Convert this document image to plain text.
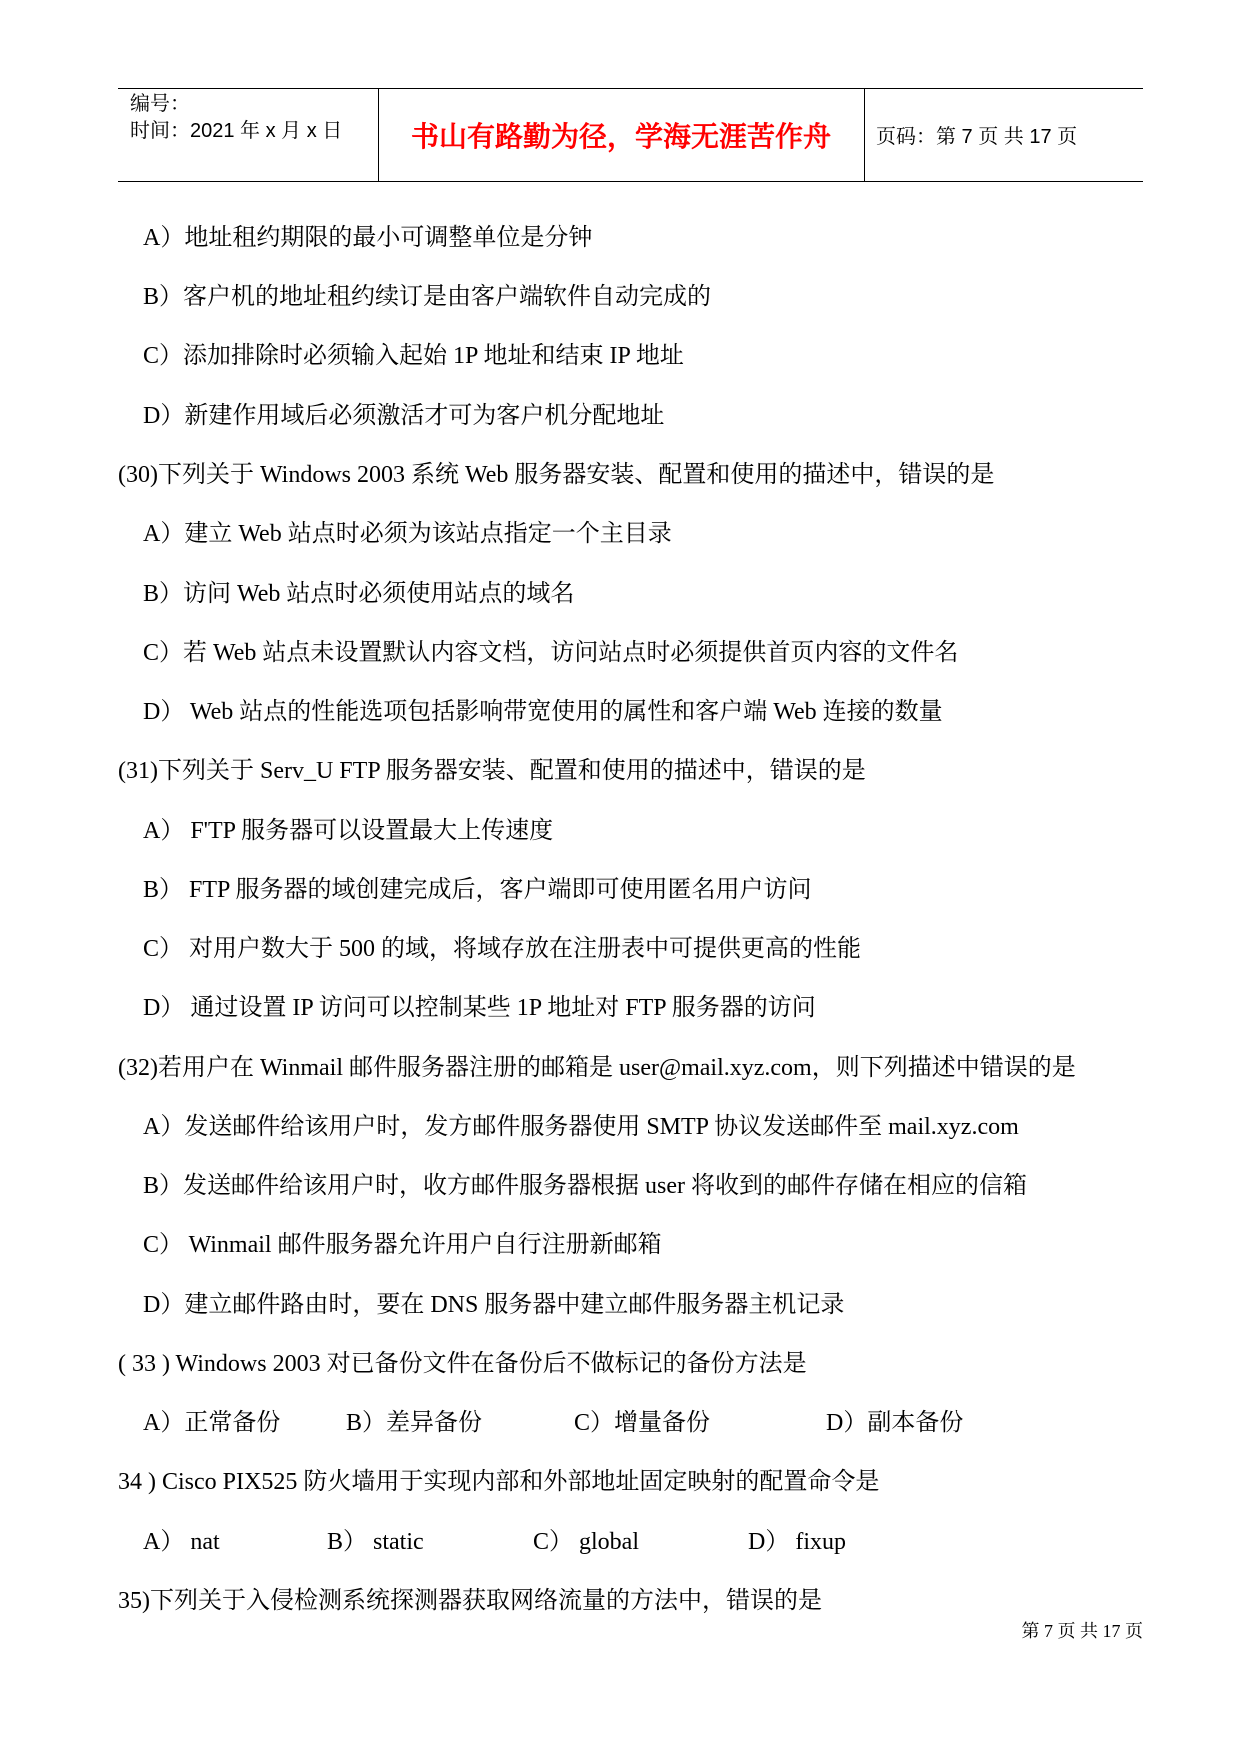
编号：
时间：2021 年 x 月 x 日	书山有路勤为径，学海无涯苦作舟	页码：第 7 页 共 17 页
A）地址租约期限的最小可调整单位是分钟
B）客户机的地址租约续订是由客户端软件自动完成的
C）添加排除时必须输入起始 1P 地址和结束 IP 地址
D）新建作用域后必须激活才可为客户机分配地址
(30)下列关于 Windows 2003 系统 Web 服务器安装、配置和使用的描述中，错误的是
A）建立 Web 站点时必须为该站点指定一个主目录
B）访问 Web 站点时必须使用站点的域名
C）若 Web 站点未设置默认内容文档，访问站点时必须提供首页内容的文件名
D） Web 站点的性能选项包括影响带宽使用的属性和客户端 Web 连接的数量
(31)下列关于 Serv_U FTP 服务器安装、配置和使用的描述中，错误的是
A） F'TP 服务器可以设置最大上传速度
B） FTP 服务器的域创建完成后，客户端即可使用匿名用户访问
C） 对用户数大于 500 的域，将域存放在注册表中可提供更高的性能
D） 通过设置 IP 访问可以控制某些 1P 地址对 FTP 服务器的访问
(32)若用户在 Winmail 邮件服务器注册的邮箱是 user@mail.xyz.com，则下列描述中错误的是
A）发送邮件给该用户时，发方邮件服务器使用 SMTP 协议发送邮件至 mail.xyz.com
B）发送邮件给该用户时，收方邮件服务器根据 user 将收到的邮件存储在相应的信箱
C） Winmail 邮件服务器允许用户自行注册新邮箱
D）建立邮件路由时，要在 DNS 服务器中建立邮件服务器主机记录
( 33 ) Windows 2003 对已备份文件在备份后不做标记的备份方法是
A）正常备份	B）差异备份	C）增量备份	D）副本备份
34 ) Cisco PIX525 防火墙用于实现内部和外部地址固定映射的配置命令是
A） nat	B） static	C） global	D） fixup
35)下列关于入侵检测系统探测器获取网络流量的方法中，错误的是
第 7 页 共 17 页
